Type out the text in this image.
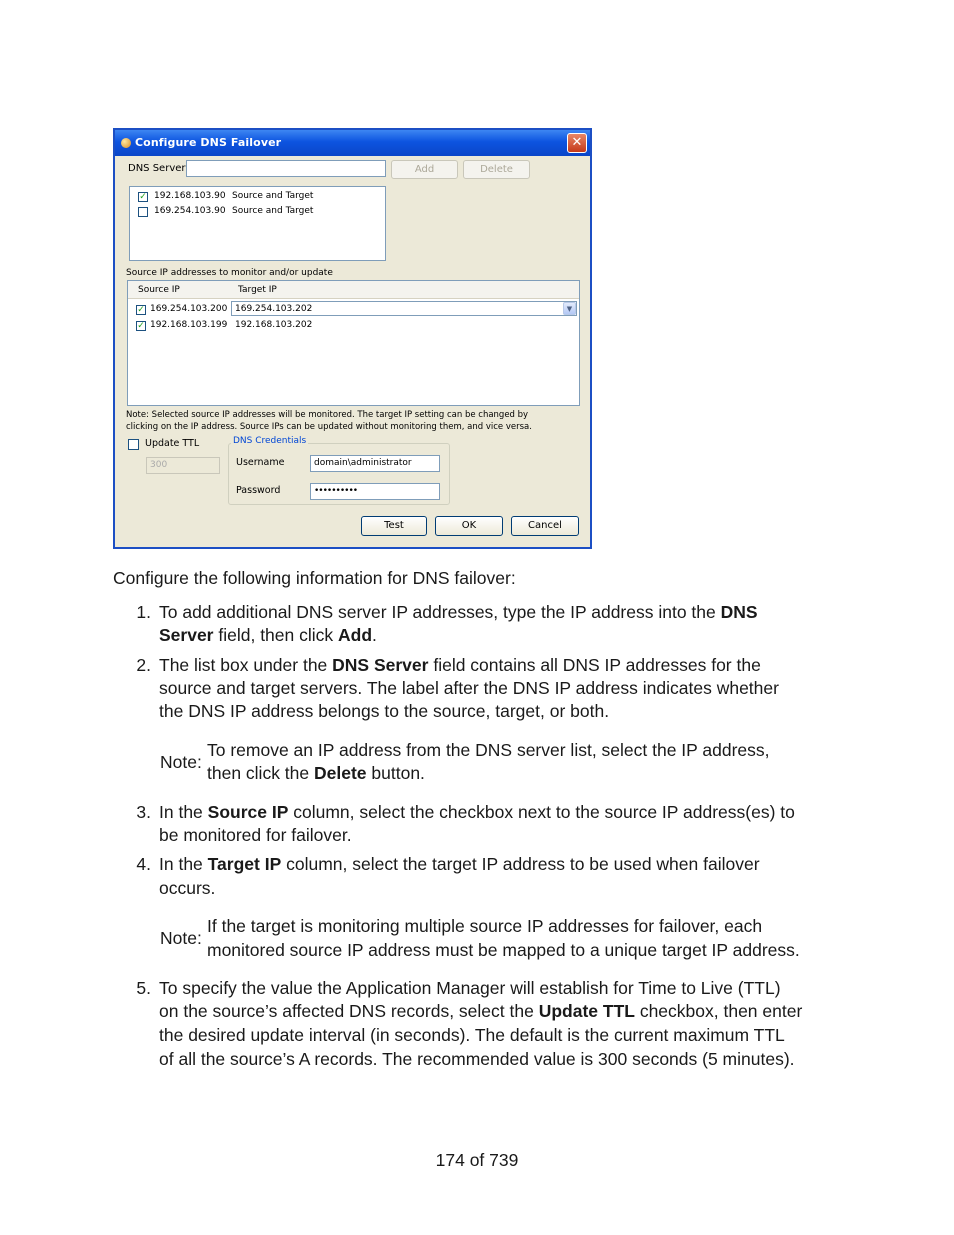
Configure DNS Failover	✕
DNS Server	Add	Delete
✓ 192.168.103.90 Source and Target
169.254.103.90 Source and Target
Source IP addresses to monitor and/or update
Source IP	Target IP
✓ 169.254.103.200 169.254.103.202	▼
✓ 192.168.103.199 192.168.103.202
Note: Selected source IP addresses will be monitored. The target IP setting can be changed by
clicking on the IP address. Source IPs can be updated without monitoring them, and vice versa.
Update TTL
300
DNS Credentials
Username	domain\administrator
Password	••••••••••
Test	OK	Cancel
Configure the following information for DNS failover:
1. To add additional DNS server IP addresses, type the IP address into the DNS
Server field, then click Add.
2. The list box under the DNS Server field contains all DNS IP addresses for the
source and target servers. The label after the DNS IP address indicates whether
the DNS IP address belongs to the source, target, or both.
Note:
To remove an IP address from the DNS server list, select the IP address,
then click the Delete button.
3. In the Source IP column, select the checkbox next to the source IP address(es) to
be monitored for failover.
4. In the Target IP column, select the target IP address to be used when failover
occurs.
Note:
If the target is monitoring multiple source IP addresses for failover, each
monitored source IP address must be mapped to a unique target IP address.
5. To specify the value the Application Manager will establish for Time to Live (TTL)
on the source’s affected DNS records, select the Update TTL checkbox, then enter
the desired update interval (in seconds). The default is the current maximum TTL
of all the source’s A records. The recommended value is 300 seconds (5 minutes).
174 of 739
